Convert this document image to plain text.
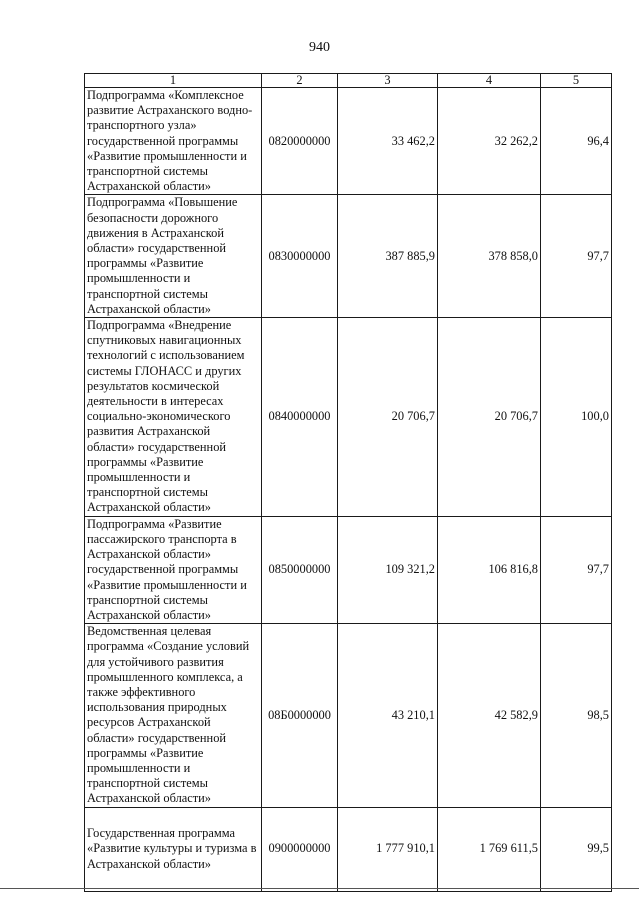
940
1	2	3	4	5
Подпрограмма «Комплексное развитие Астраханского воднотранспортного узла» государственной программы «Развитие промышленности и транспортной системы Астраханской области»	0820000000	33 462,2	32 262,2	96,4
Подпрограмма «Повышение безопасности дорожного движения в Астраханской области» государственной программы «Развитие промышленности и транспортной системы Астраханской области»	0830000000	387 885,9	378 858,0	97,7
Подпрограмма «Внедрение спутниковых навигационных технологий с использованием системы ГЛОНАСС и других результатов космической деятельности в интересах социально-экономического развития Астраханской области» государственной программы «Развитие промышленности и транспортной системы Астраханской области»	0840000000	20 706,7	20 706,7	100,0
Подпрограмма «Развитие пассажирского транспорта в Астраханской области» государственной программы «Развитие промышленности и транспортной системы Астраханской области»	0850000000	109 321,2	106 816,8	97,7
Ведомственная целевая программа «Создание условий для устойчивого развития промышленного комплекса, а также эффективного использования природных ресурсов Астраханской области» государственной программы «Развитие промышленности и транспортной системы Астраханской области»	08Б0000000	43 210,1	42 582,9	98,5
Государственная программа «Развитие культуры и туризма в Астраханской области»	0900000000	1 777 910,1	1 769 611,5	99,5
